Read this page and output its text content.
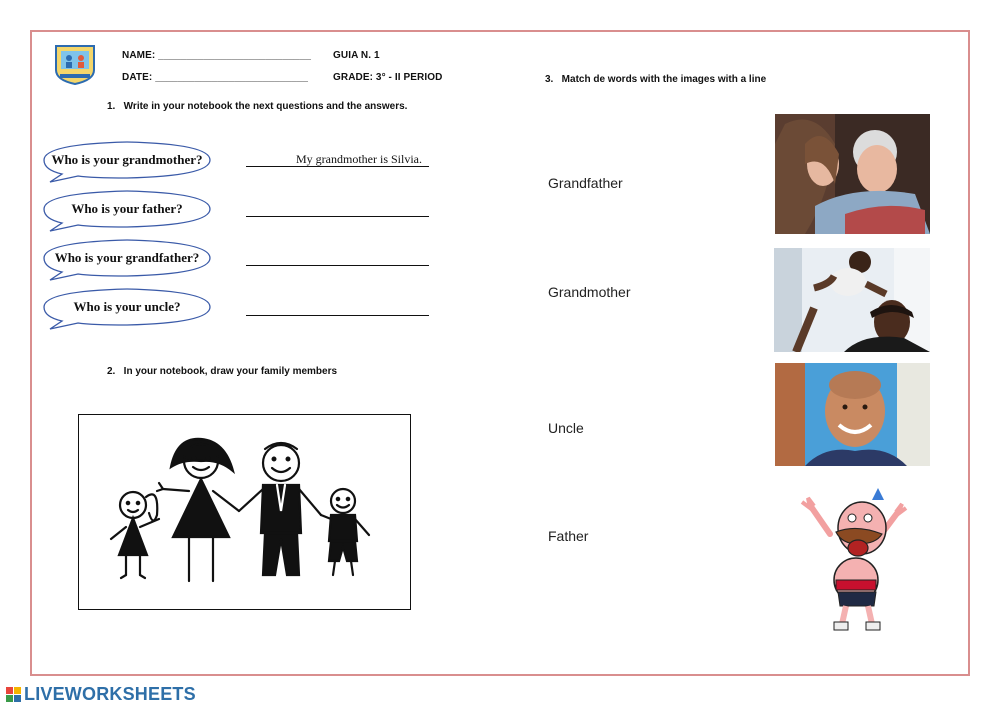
NAME: ___________________________
DATE: ___________________________
GUIA N. 1
GRADE: 3° - II PERIOD
1.   Write in your notebook the next questions and the answers.
Who is your grandmother?	My grandmother is Silvia.
Who is your father?
Who is your grandfather?
Who is your uncle?
2.   In your notebook, draw your family members
3.   Match de words with the images with a line
Grandfather
Grandmother
Uncle
Father
LIVEWORKSHEETS
